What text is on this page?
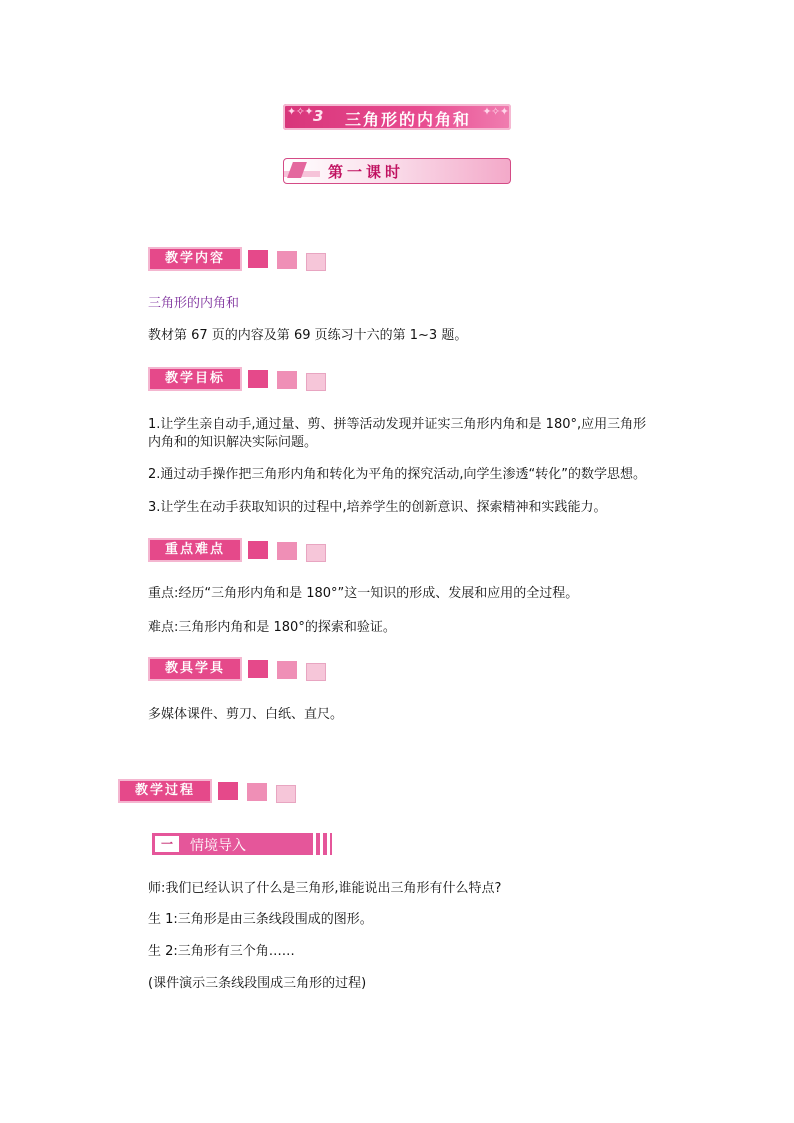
✦ ✧ ✦ 3 三角形的内角和 ✦ ✧ ✦
第一课时
教学内容
三角形的内角和
教材第 67 页的内容及第 69 页练习十六的第 1~3 题。
教学目标
1.让学生亲自动手,通过量、剪、拼等活动发现并证实三角形内角和是 180°,应用三角形
内角和的知识解决实际问题。
2.通过动手操作把三角形内角和转化为平角的探究活动,向学生渗透“转化”的数学思想。
3.让学生在动手获取知识的过程中,培养学生的创新意识、探索精神和实践能力。
重点难点
重点:经历“三角形内角和是 180°”这一知识的形成、发展和应用的全过程。
难点:三角形内角和是 180°的探索和验证。
教具学具
多媒体课件、剪刀、白纸、直尺。
教学过程
一	情境导入
师:我们已经认识了什么是三角形,谁能说出三角形有什么特点?
生 1:三角形是由三条线段围成的图形。
生 2:三角形有三个角……
(课件演示三条线段围成三角形的过程)
